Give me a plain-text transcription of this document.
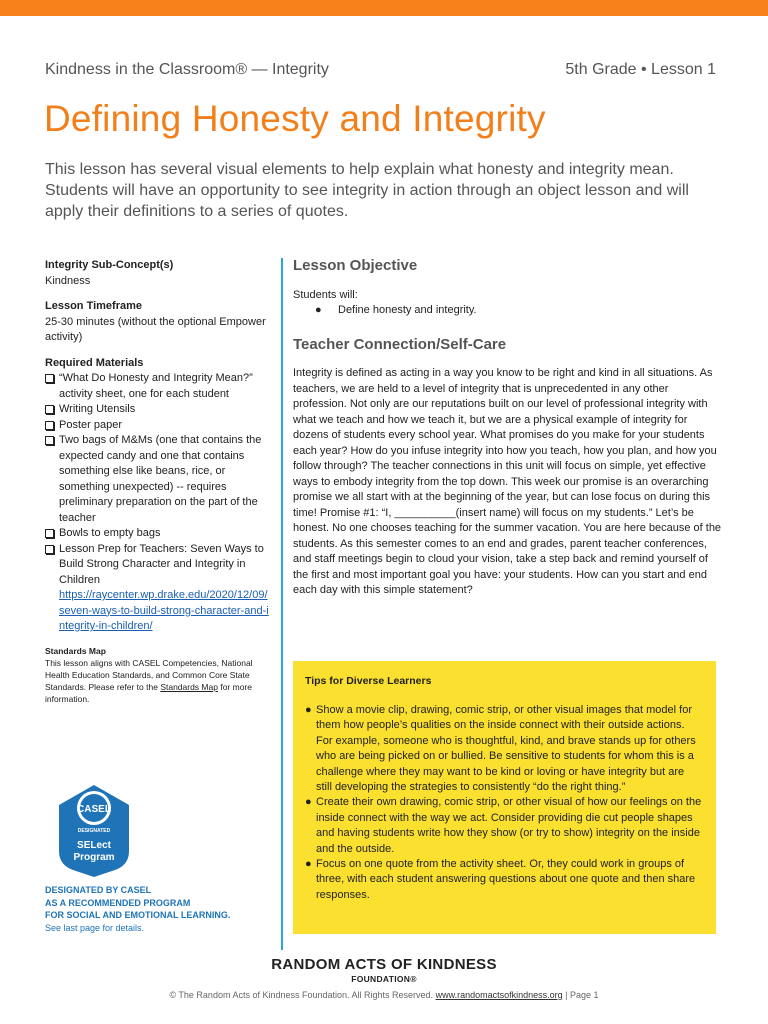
Kindness in the Classroom® — Integrity	5th Grade • Lesson 1
Defining Honesty and Integrity

This lesson has several visual elements to help explain what honesty and integrity mean. Students will have an opportunity to see integrity in action through an object lesson and will apply their definitions to a series of quotes.

Integrity Sub-Concept(s)
Kindness
Lesson Timeframe
25-30 minutes (without the optional Empower activity)
Required Materials
“What Do Honesty and Integrity Mean?” activity sheet, one for each student
Writing Utensils
Poster paper
Two bags of M&Ms (one that contains the expected candy and one that contains something else like beans, rice, or something unexpected) -- requires preliminary preparation on the part of the teacher
Bowls to empty bags
Lesson Prep for Teachers: Seven Ways to Build Strong Character and Integrity in Children
https://raycenter.wp.drake.edu/2020/12/09/seven-ways-to-build-strong-character-and-integrity-in-children/
Standards Map
This lesson aligns with CASEL Competencies, National Health Education Standards, and Common Core State Standards. Please refer to the Standards Map for more information.
CASEL
DESIGNATED
SELect
Program
DESIGNATED BY CASEL
AS A RECOMMENDED PROGRAM
FOR SOCIAL AND EMOTIONAL LEARNING.
See last page for details.
Lesson Objective
Students will:
● Define honesty and integrity.
Teacher Connection/Self-Care
Integrity is defined as acting in a way you know to be right and kind in all situations. As teachers, we are held to a level of integrity that is unprecedented in any other profession. Not only are our reputations built on our level of professional integrity with what we teach and how we teach it, but we are a physical example of integrity for dozens of students every school year. What promises do you make for your students each year? How do you infuse integrity into how you teach, how you plan, and how you follow through? The teacher connections in this unit will focus on simple, yet effective ways to embody integrity from the top down. This week our promise is an overarching promise we all start with at the beginning of the year, but can lose focus on during this time! Promise #1: “I, __________(insert name) will focus on my students.” Let’s be honest. No one chooses teaching for the summer vacation. You are here because of the students. As this semester comes to an end and grades, parent teacher conferences, and staff meetings begin to cloud your vision, take a step back and remind yourself of the first and most important goal you have: your students. How can you start and end each day with this simple statement?
Tips for Diverse Learners
● Show a movie clip, drawing, comic strip, or other visual images that model for them how people’s qualities on the inside connect with their outside actions. For example, someone who is thoughtful, kind, and brave stands up for others who are being picked on or bullied. Be sensitive to students for whom this is a challenge where they may want to be kind or loving or have integrity but are still developing the strategies to consistently “do the right thing.”
● Create their own drawing, comic strip, or other visual of how our feelings on the inside connect with the way we act. Consider providing die cut people shapes and having students write how they show (or try to show) integrity on the inside and the outside.
● Focus on one quote from the activity sheet. Or, they could work in groups of three, with each student answering questions about one quote and then share responses.
RANDOM ACTS OF KINDNESS
FOUNDATION®
© The Random Acts of Kindness Foundation. All Rights Reserved. www.randomactsofkindness.org | Page 1
